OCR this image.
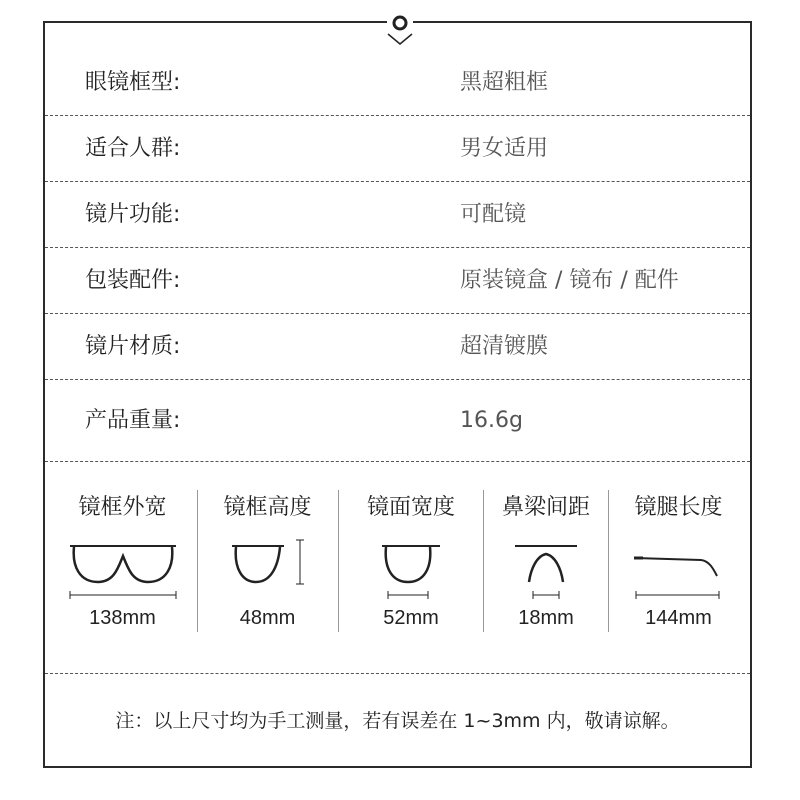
眼镜框型:	黑超粗框
适合人群:	男女适用
镜片功能:	可配镜
包装配件:	原装镜盒 / 镜布 / 配件
镜片材质:	超清镀膜
产品重量:	16.6g
镜框外宽
138mm
镜框高度
48mm
镜面宽度
52mm
鼻梁间距
18mm
镜腿长度
144mm
注：以上尺寸均为手工测量，若有误差在 1~3mm 内，敬请谅解。
